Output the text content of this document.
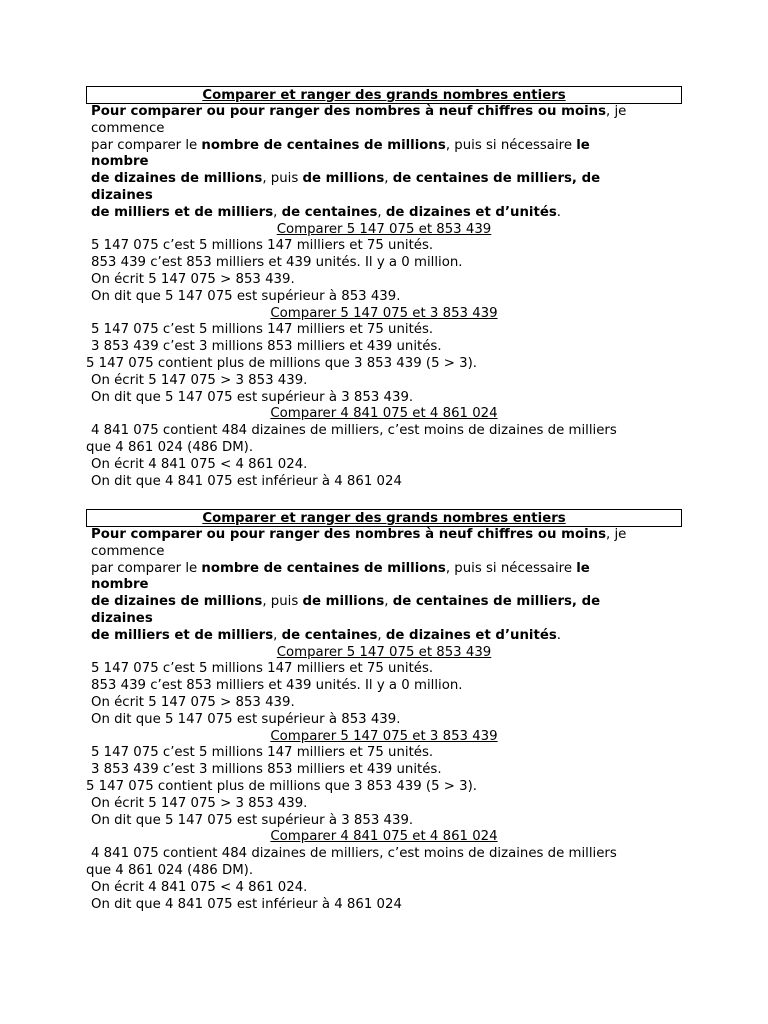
Comparer et ranger des grands nombres entiers
Pour comparer ou pour ranger des nombres à neuf chiffres ou moins, je
commence
par comparer le nombre de centaines de millions, puis si nécessaire le
nombre
de dizaines de millions, puis de millions, de centaines de milliers, de
dizaines
de milliers et de milliers, de centaines, de dizaines et d’unités.
Comparer 5 147 075 et 853 439
5 147 075 c’est 5 millions 147 milliers et 75 unités.
853 439 c’est 853 milliers et 439 unités. Il y a 0 million.
On écrit 5 147 075 > 853 439.
On dit que 5 147 075 est supérieur à 853 439.
Comparer 5 147 075 et 3 853 439
5 147 075 c’est 5 millions 147 milliers et 75 unités.
3 853 439 c’est 3 millions 853 milliers et 439 unités.
5 147 075 contient plus de millions que 3 853 439 (5 > 3).
On écrit 5 147 075 > 3 853 439.
On dit que 5 147 075 est supérieur à 3 853 439.
Comparer 4 841 075 et 4 861 024
4 841 075 contient 484 dizaines de milliers, c’est moins de dizaines de milliers
que 4 861 024 (486 DM).
On écrit 4 841 075 < 4 861 024.
On dit que 4 841 075 est inférieur à 4 861 024
Comparer et ranger des grands nombres entiers
Pour comparer ou pour ranger des nombres à neuf chiffres ou moins, je
commence
par comparer le nombre de centaines de millions, puis si nécessaire le
nombre
de dizaines de millions, puis de millions, de centaines de milliers, de
dizaines
de milliers et de milliers, de centaines, de dizaines et d’unités.
Comparer 5 147 075 et 853 439
5 147 075 c’est 5 millions 147 milliers et 75 unités.
853 439 c’est 853 milliers et 439 unités. Il y a 0 million.
On écrit 5 147 075 > 853 439.
On dit que 5 147 075 est supérieur à 853 439.
Comparer 5 147 075 et 3 853 439
5 147 075 c’est 5 millions 147 milliers et 75 unités.
3 853 439 c’est 3 millions 853 milliers et 439 unités.
5 147 075 contient plus de millions que 3 853 439 (5 > 3).
On écrit 5 147 075 > 3 853 439.
On dit que 5 147 075 est supérieur à 3 853 439.
Comparer 4 841 075 et 4 861 024
4 841 075 contient 484 dizaines de milliers, c’est moins de dizaines de milliers
que 4 861 024 (486 DM).
On écrit 4 841 075 < 4 861 024.
On dit que 4 841 075 est inférieur à 4 861 024
